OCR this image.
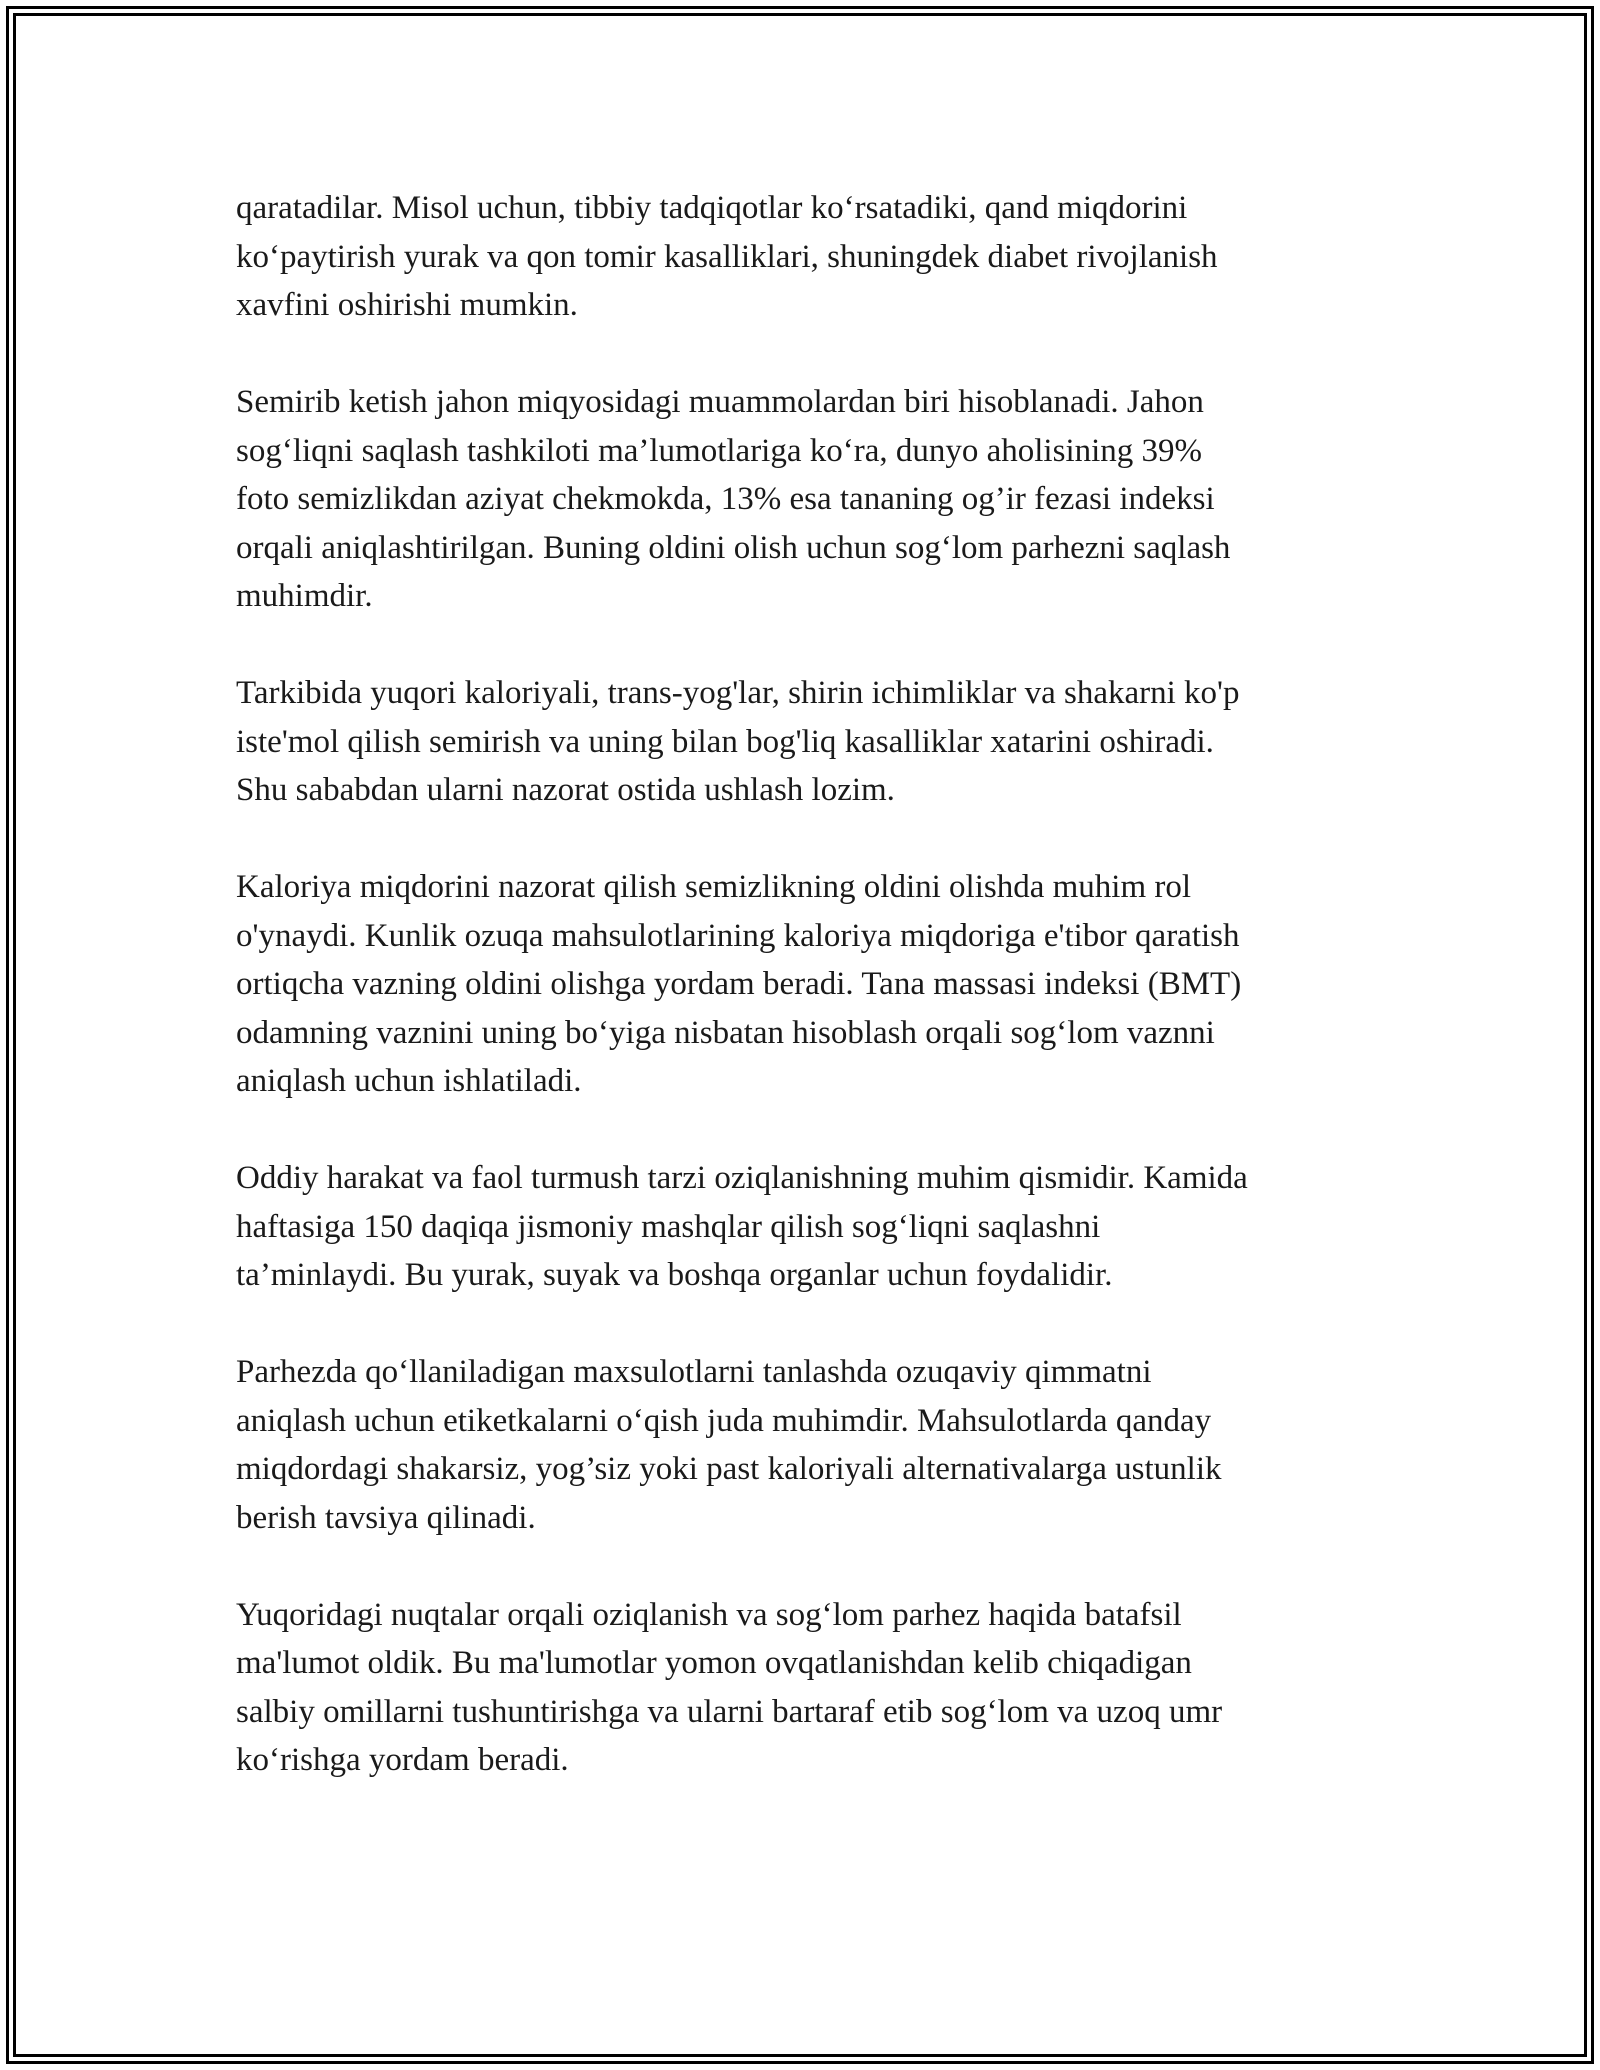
qaratadilar. Misol uchun, tibbiy tadqiqotlar koʻrsatadiki, qand miqdorini
koʻpaytirish yurak va qon tomir kasalliklari, shuningdek diabet rivojlanish
xavfini oshirishi mumkin.

Semirib ketish jahon miqyosidagi muammolardan biri hisoblanadi. Jahon
sogʻliqni saqlash tashkiloti ma’lumotlariga koʻra, dunyo aholisining 39%
foto semizlikdan aziyat chekmokda, 13% esa tananing og’ir fezasi indeksi
orqali aniqlashtirilgan. Buning oldini olish uchun sogʻlom parhezni saqlash
muhimdir.

Tarkibida yuqori kaloriyali, trans-yog'lar, shirin ichimliklar va shakarni ko'p
iste'mol qilish semirish va uning bilan bog'liq kasalliklar xatarini oshiradi.
Shu sababdan ularni nazorat ostida ushlash lozim.

Kaloriya miqdorini nazorat qilish semizlikning oldini olishda muhim rol
o'ynaydi. Kunlik ozuqa mahsulotlarining kaloriya miqdoriga e'tibor qaratish
ortiqcha vazning oldini olishga yordam beradi. Tana massasi indeksi (BMT)
odamning vaznini uning boʻyiga nisbatan hisoblash orqali sogʻlom vaznni
aniqlash uchun ishlatiladi.

Oddiy harakat va faol turmush tarzi oziqlanishning muhim qismidir. Kamida
haftasiga 150 daqiqa jismoniy mashqlar qilish sogʻliqni saqlashni
ta’minlaydi. Bu yurak, suyak va boshqa organlar uchun foydalidir.

Parhezda qoʻllaniladigan maxsulotlarni tanlashda ozuqaviy qimmatni
aniqlash uchun etiketkalarni oʻqish juda muhimdir. Mahsulotlarda qanday
miqdordagi shakarsiz, yog’siz yoki past kaloriyali alternativalarga ustunlik
berish tavsiya qilinadi.

Yuqoridagi nuqtalar orqali oziqlanish va sogʻlom parhez haqida batafsil
ma'lumot oldik. Bu ma'lumotlar yomon ovqatlanishdan kelib chiqadigan
salbiy omillarni tushuntirishga va ularni bartaraf etib sogʻlom va uzoq umr
koʻrishga yordam beradi.
